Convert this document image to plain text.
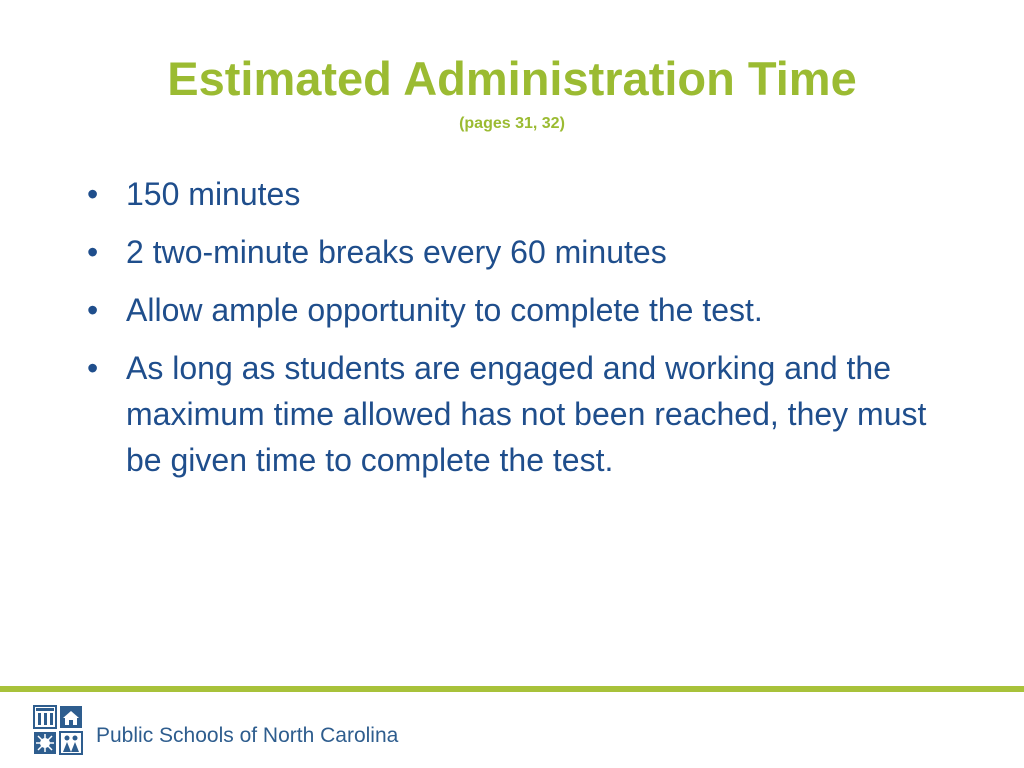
Estimated Administration Time
(pages 31, 32)
• 150 minutes
• 2 two-minute breaks every 60 minutes
• Allow ample opportunity to complete the test.
• As long as students are engaged and working and the maximum time allowed has not been reached, they must be given time to complete the test.
Public Schools of North Carolina
